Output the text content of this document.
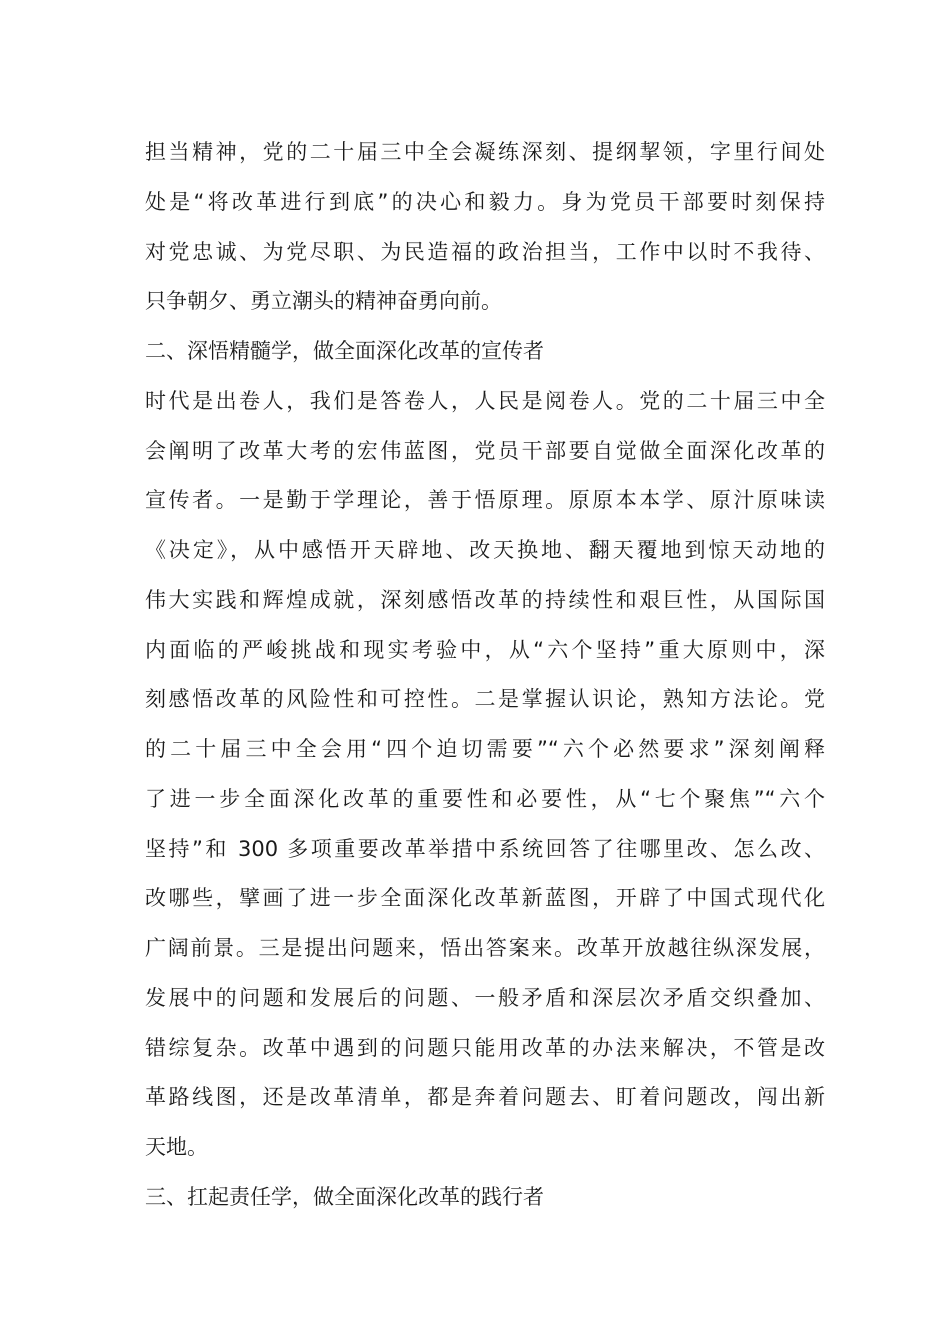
担当精神，党的二十届三中全会凝练深刻、提纲挈领，字里行间处

处是“将改革进行到底”的决心和毅力。身为党员干部要时刻保持

对党忠诚、为党尽职、为民造福的政治担当，工作中以时不我待、

只争朝夕、勇立潮头的精神奋勇向前。

二、深悟精髓学，做全面深化改革的宣传者

时代是出卷人，我们是答卷人，人民是阅卷人。党的二十届三中全

会阐明了改革大考的宏伟蓝图，党员干部要自觉做全面深化改革的

宣传者。一是勤于学理论，善于悟原理。原原本本学、原汁原味读

《决定》，从中感悟开天辟地、改天换地、翻天覆地到惊天动地的

伟大实践和辉煌成就，深刻感悟改革的持续性和艰巨性，从国际国

内面临的严峻挑战和现实考验中，从“六个坚持”重大原则中，深

刻感悟改革的风险性和可控性。二是掌握认识论，熟知方法论。党

的二十届三中全会用“四个迫切需要”“六个必然要求”深刻阐释

了进一步全面深化改革的重要性和必要性，从“七个聚焦”“六个

坚持”和 300 多项重要改革举措中系统回答了往哪里改、怎么改、

改哪些，擘画了进一步全面深化改革新蓝图，开辟了中国式现代化

广阔前景。三是提出问题来，悟出答案来。改革开放越往纵深发展，

发展中的问题和发展后的问题、一般矛盾和深层次矛盾交织叠加、

错综复杂。改革中遇到的问题只能用改革的办法来解决，不管是改

革路线图，还是改革清单，都是奔着问题去、盯着问题改，闯出新

天地。

三、扛起责任学，做全面深化改革的践行者
